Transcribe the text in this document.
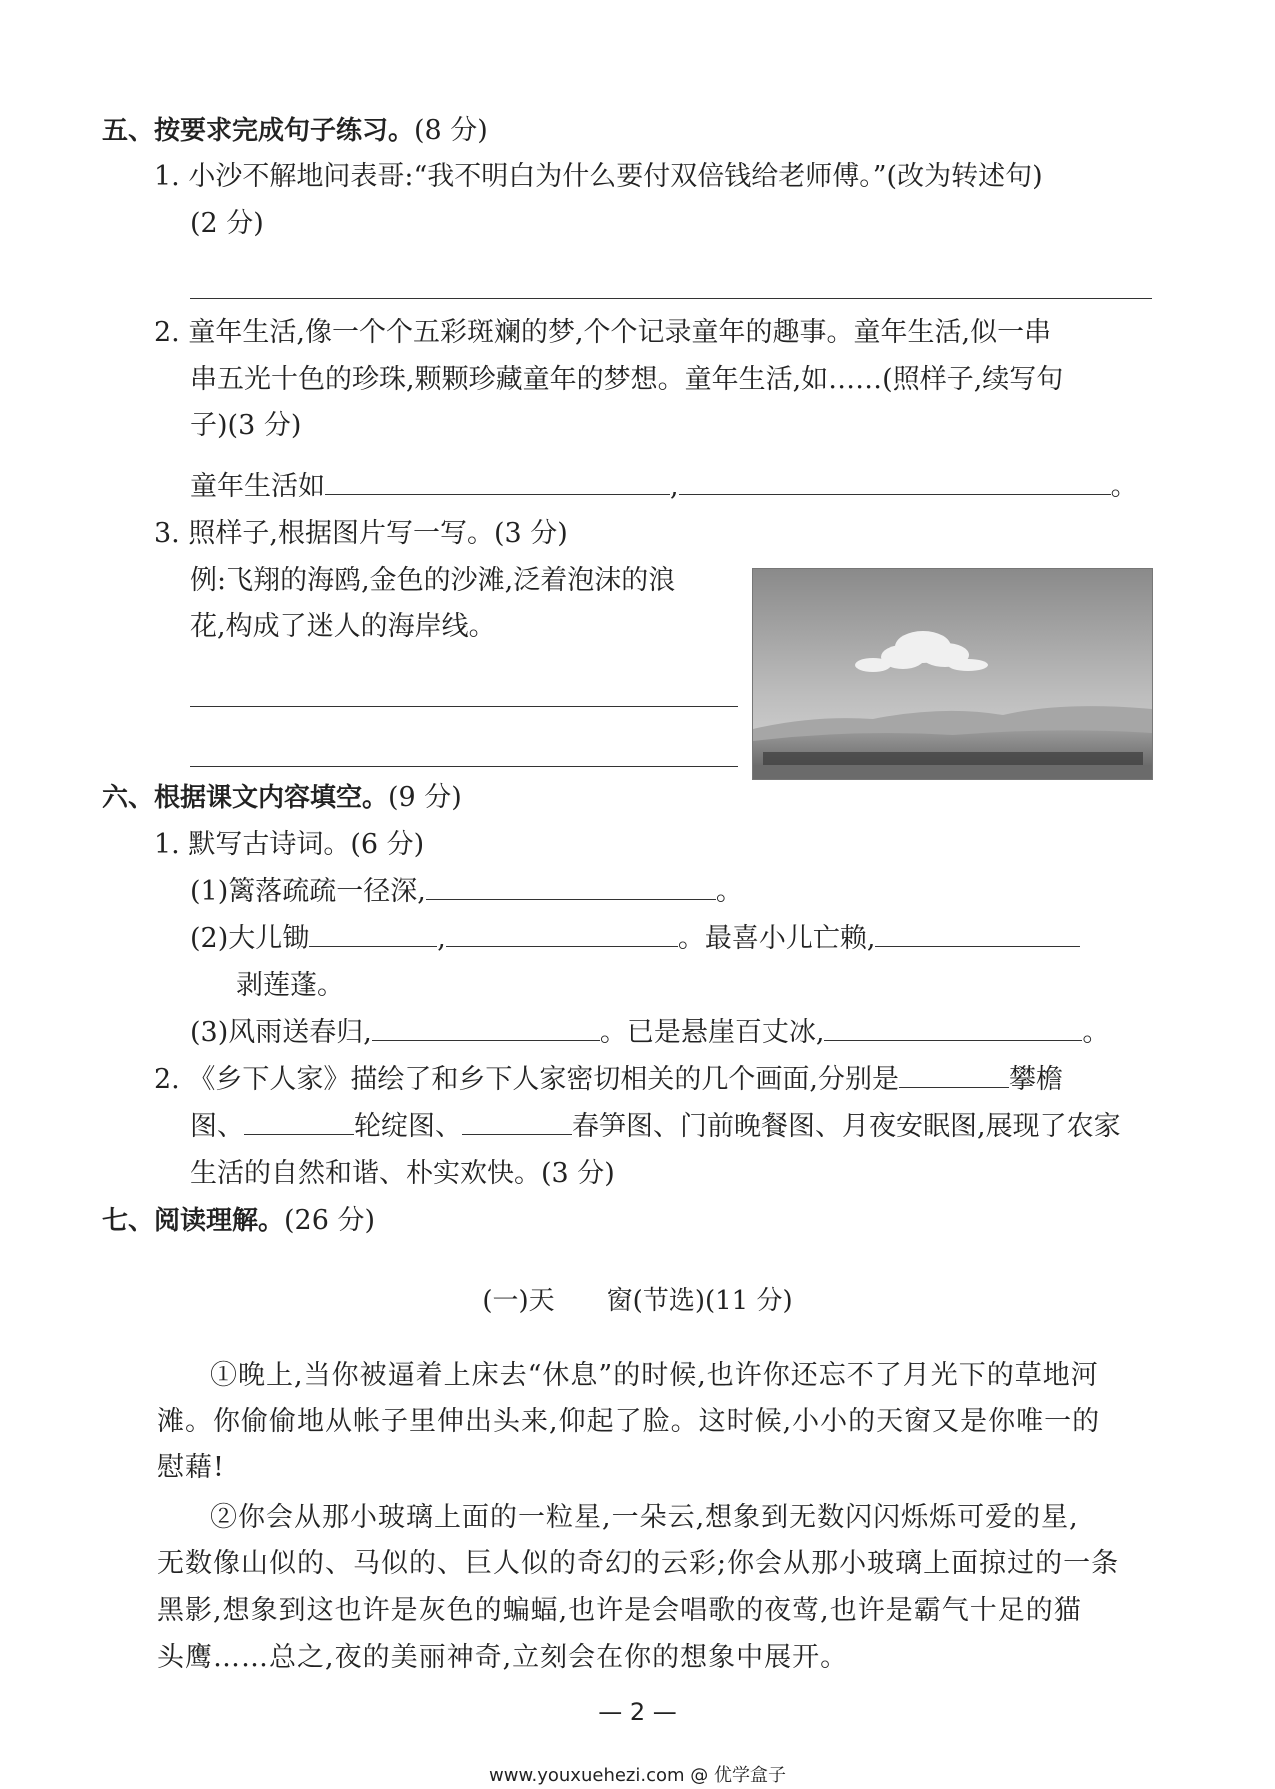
五、按要求完成句子练习。(8 分)
1. 小沙不解地问表哥:“我不明白为什么要付双倍钱给老师傅。”(改为转述句)
(2 分)
2. 童年生活,像一个个五彩斑斓的梦,个个记录童年的趣事。童年生活,似一串
串五光十色的珍珠,颗颗珍藏童年的梦想。童年生活,如……(照样子,续写句
子)(3 分)
童年生活如	,	。
3. 照样子,根据图片写一写。(3 分)
例:飞翔的海鸥,金色的沙滩,泛着泡沫的浪
花,构成了迷人的海岸线。
六、根据课文内容填空。(9 分)
1. 默写古诗词。(6 分)
(1)篱落疏疏一径深,	。
(2)大儿锄	,	。最喜小儿亡赖,
剥莲蓬。
(3)风雨送春归,	。已是悬崖百丈冰,	。
2. 《乡下人家》描绘了和乡下人家密切相关的几个画面,分别是	攀檐
图、	轮绽图、	春笋图、门前晚餐图、月夜安眠图,展现了农家
生活的自然和谐、朴实欢快。(3 分)
七、阅读理解。(26 分)
(一)天　　窗(节选)(11 分)
①晚上,当你被逼着上床去“休息”的时候,也许你还忘不了月光下的草地河
滩。你偷偷地从帐子里伸出头来,仰起了脸。这时候,小小的天窗又是你唯一的
慰藉!
②你会从那小玻璃上面的一粒星,一朵云,想象到无数闪闪烁烁可爱的星,
无数像山似的、马似的、巨人似的奇幻的云彩;你会从那小玻璃上面掠过的一条
黑影,想象到这也许是灰色的蝙蝠,也许是会唱歌的夜莺,也许是霸气十足的猫
头鹰……总之,夜的美丽神奇,立刻会在你的想象中展开。
— 2 —
www.youxuehezi.com @ 优学盒子
